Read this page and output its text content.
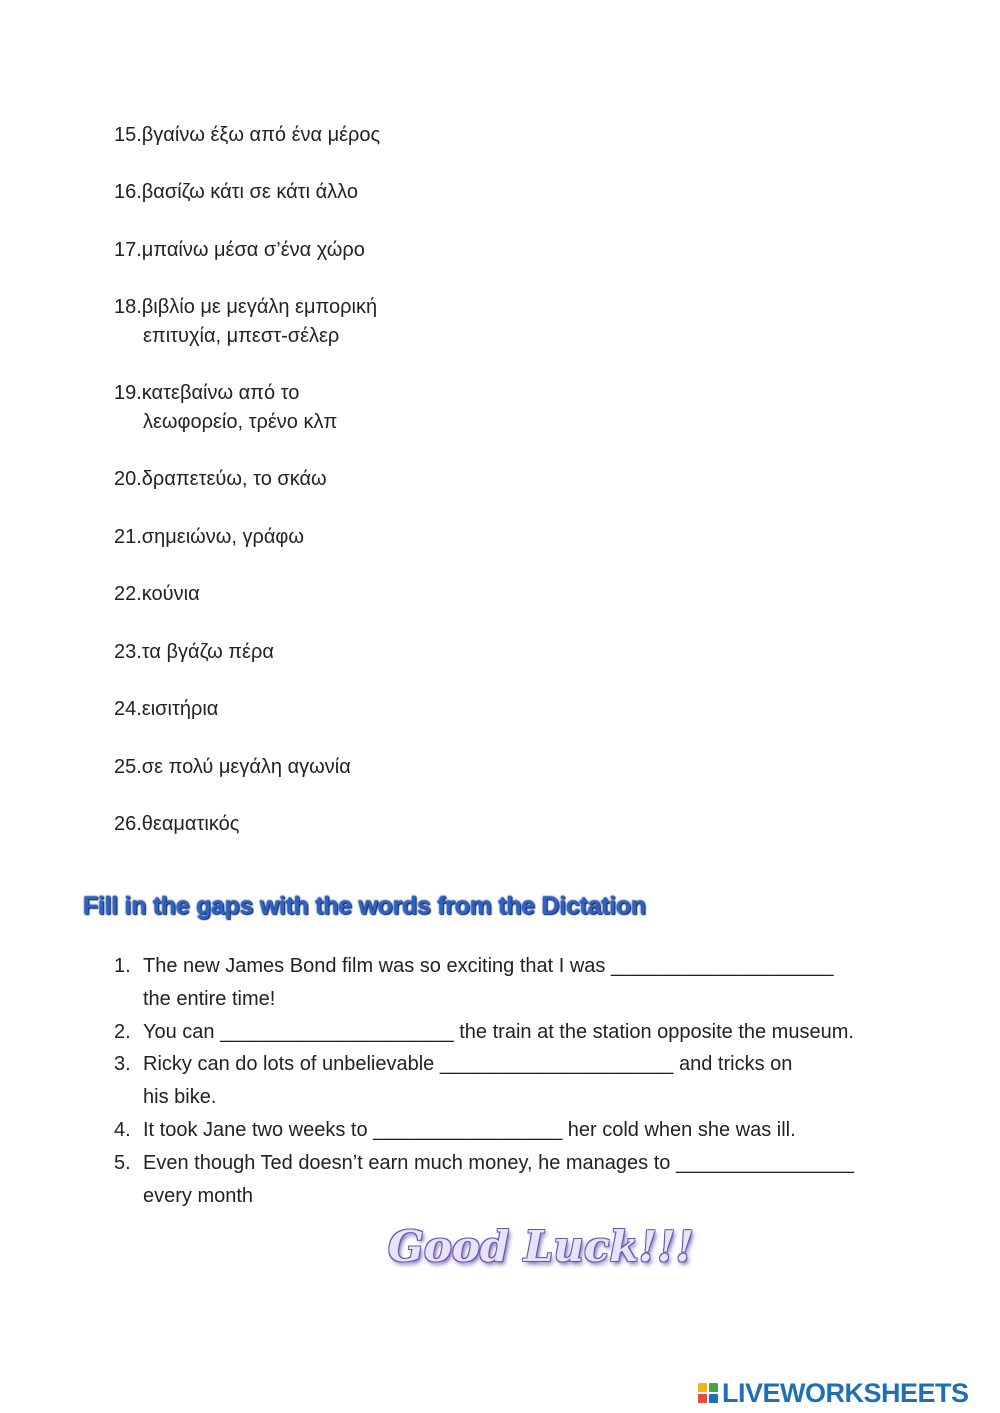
15.βγαίνω έξω από ένα μέρος
16.βασίζω κάτι σε κάτι άλλο
17.μπαίνω μέσα σ’ένα χώρο
18.βιβλίο με μεγάλη εμπορική
επιτυχία, μπεστ-σέλερ
19.κατεβαίνω από το
λεωφορείο, τρένο κλπ
20.δραπετεύω, το σκάω
21.σημειώνω, γράφω
22.κούνια
23.τα βγάζω πέρα
24.εισιτήρια
25.σε πολύ μεγάλη αγωνία
26.θεαματικός
Fill in the gaps with the words from the Dictation
1. The new James Bond film was so exciting that I was ____________________
the entire time!
2. You can _____________________ the train at the station opposite the museum.
3. Ricky can do lots of unbelievable _____________________ and tricks on
his bike.
4. It took Jane two weeks to _________________ her cold when she was ill.
5. Even though Ted doesn’t earn much money, he manages to ________________
every month
Good Luck!!!
LIVEWORKSHEETS
